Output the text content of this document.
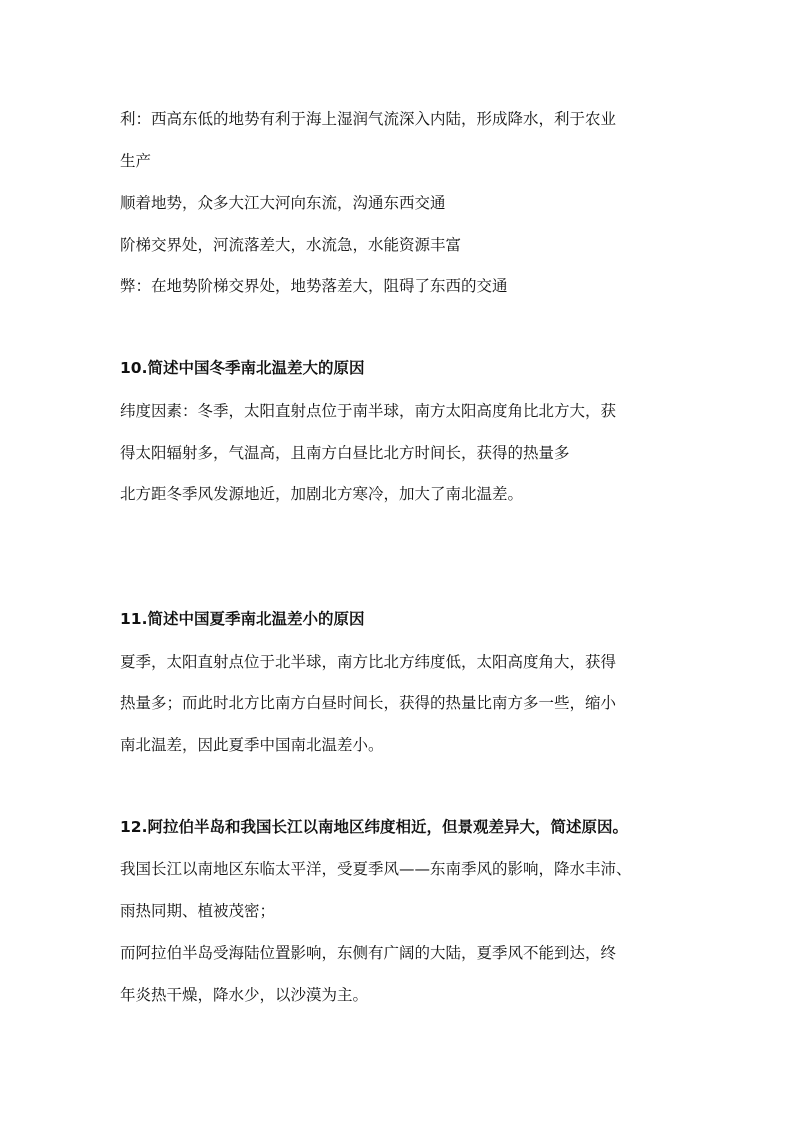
利：西高东低的地势有利于海上湿润气流深入内陆，形成降水，利于农业
生产
顺着地势，众多大江大河向东流，沟通东西交通
阶梯交界处，河流落差大，水流急，水能资源丰富
弊：在地势阶梯交界处，地势落差大，阻碍了东西的交通
10.简述中国冬季南北温差大的原因
纬度因素：冬季，太阳直射点位于南半球，南方太阳高度角比北方大，获
得太阳辐射多，气温高，且南方白昼比北方时间长，获得的热量多
北方距冬季风发源地近，加剧北方寒冷，加大了南北温差。
11.简述中国夏季南北温差小的原因
夏季，太阳直射点位于北半球，南方比北方纬度低，太阳高度角大，获得
热量多；而此时北方比南方白昼时间长，获得的热量比南方多一些，缩小
南北温差，因此夏季中国南北温差小。
12.阿拉伯半岛和我国长江以南地区纬度相近，但景观差异大，简述原因。
我国长江以南地区东临太平洋，受夏季风——东南季风的影响，降水丰沛、
雨热同期、植被茂密；
而阿拉伯半岛受海陆位置影响，东侧有广阔的大陆，夏季风不能到达，终
年炎热干燥，降水少，以沙漠为主。
